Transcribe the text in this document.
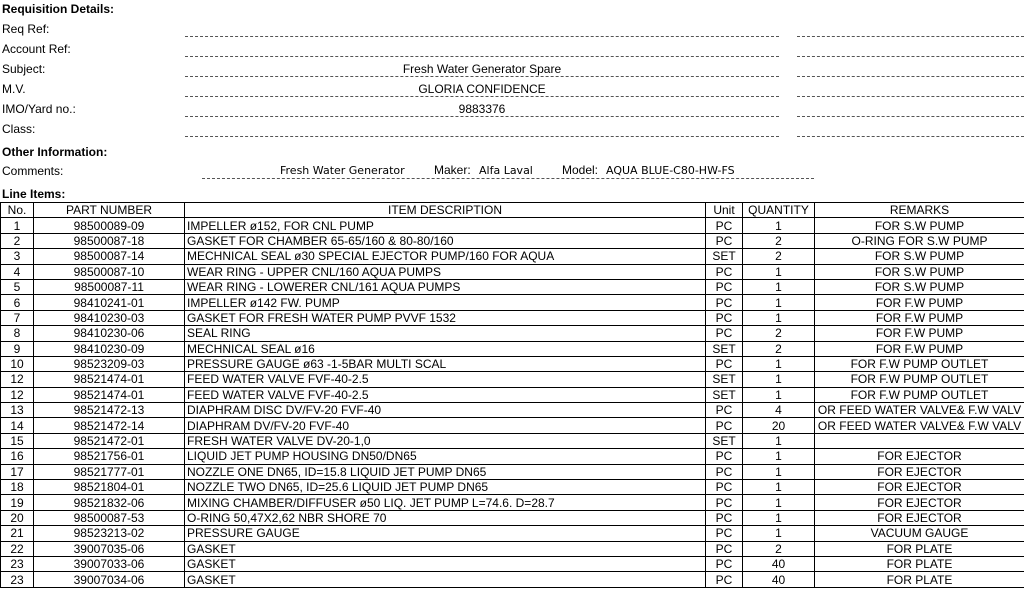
Requisition Details:
Req Ref:
Account Ref:
Subject:	Fresh Water Generator Spare
M.V.	GLORIA CONFIDENCE
IMO/Yard no.:	9883376
Class:
Other Information:
Comments:	Fresh Water Generator Maker: Alfa Laval Model: AQUA BLUE-C80-HW-FS
Line Items:
No.	PART NUMBER	ITEM DESCRIPTION	Unit	QUANTITY	REMARKS
1	98500089-09	IMPELLER ø152, FOR CNL PUMP	PC	1	FOR S.W PUMP
2	98500087-18	GASKET FOR CHAMBER 65-65/160 & 80-80/160	PC	2	O-RING FOR S.W PUMP
3	98500087-14	MECHNICAL SEAL ø30 SPECIAL EJECTOR PUMP/160 FOR AQUA	SET	2	FOR S.W PUMP
4	98500087-10	WEAR RING - UPPER CNL/160 AQUA PUMPS	PC	1	FOR S.W PUMP
5	98500087-11	WEAR RING - LOWERER CNL/161 AQUA PUMPS	PC	1	FOR S.W PUMP
6	98410241-01	IMPELLER ø142 FW. PUMP	PC	1	FOR F.W PUMP
7	98410230-03	GASKET FOR FRESH WATER PUMP PVVF 1532	PC	1	FOR F.W PUMP
8	98410230-06	SEAL RING	PC	2	FOR F.W PUMP
9	98410230-09	MECHNICAL SEAL ø16	SET	2	FOR F.W PUMP
10	98523209-03	PRESSURE GAUGE ø63 -1-5BAR MULTI SCAL	PC	1	FOR F.W PUMP OUTLET
12	98521474-01	FEED WATER VALVE FVF-40-2.5	SET	1	FOR F.W PUMP OUTLET
12	98521474-01	FEED WATER VALVE FVF-40-2.5	SET	1	FOR F.W PUMP OUTLET
13	98521472-13	DIAPHRAM DISC DV/FV-20 FVF-40	PC	4	OR FEED WATER VALVE& F.W VALV
14	98521472-14	DIAPHRAM DV/FV-20 FVF-40	PC	20	OR FEED WATER VALVE& F.W VALV
15	98521472-01	FRESH WATER VALVE DV-20-1,0	SET	1	
16	98521756-01	LIQUID JET PUMP HOUSING DN50/DN65	PC	1	FOR EJECTOR
17	98521777-01	NOZZLE ONE DN65, ID=15.8 LIQUID JET PUMP DN65	PC	1	FOR EJECTOR
18	98521804-01	NOZZLE TWO DN65, ID=25.6 LIQUID JET PUMP DN65	PC	1	FOR EJECTOR
19	98521832-06	MIXING CHAMBER/DIFFUSER ø50 LIQ. JET PUMP L=74.6. D=28.7	PC	1	FOR EJECTOR
20	98500087-53	O-RING 50,47X2,62 NBR SHORE 70	PC	1	FOR EJECTOR
21	98523213-02	PRESSURE GAUGE	PC	1	VACUUM GAUGE
22	39007035-06	GASKET	PC	2	FOR PLATE
23	39007033-06	GASKET	PC	40	FOR PLATE
23	39007034-06	GASKET	PC	40	FOR PLATE
